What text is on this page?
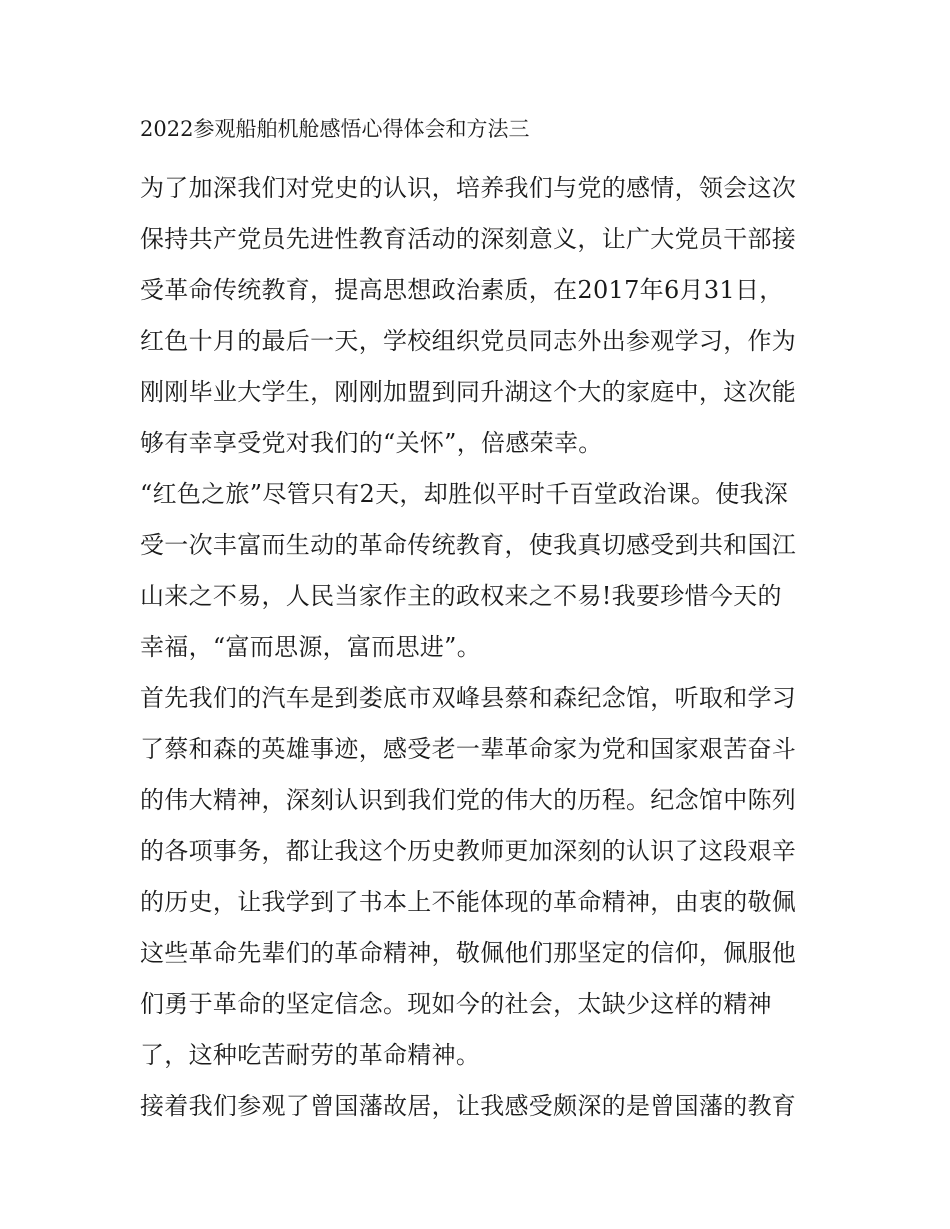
2022参观船舶机舱感悟心得体会和方法三
为了加深我们对党史的认识，培养我们与党的感情，领会这次
保持共产党员先进性教育活动的深刻意义，让广大党员干部接
受革命传统教育，提高思想政治素质，在2017年6月31日，
红色十月的最后一天，学校组织党员同志外出参观学习，作为
刚刚毕业大学生，刚刚加盟到同升湖这个大的家庭中，这次能
够有幸享受党对我们的“关怀”，倍感荣幸。
“红色之旅”尽管只有2天，却胜似平时千百堂政治课。使我深
受一次丰富而生动的革命传统教育，使我真切感受到共和国江
山来之不易，人民当家作主的政权来之不易!我要珍惜今天的
幸福，“富而思源，富而思进”。
首先我们的汽车是到娄底市双峰县蔡和森纪念馆，听取和学习
了蔡和森的英雄事迹，感受老一辈革命家为党和国家艰苦奋斗
的伟大精神，深刻认识到我们党的伟大的历程。纪念馆中陈列
的各项事务，都让我这个历史教师更加深刻的认识了这段艰辛
的历史，让我学到了书本上不能体现的革命精神，由衷的敬佩
这些革命先辈们的革命精神，敬佩他们那坚定的信仰，佩服他
们勇于革命的坚定信念。现如今的社会，太缺少这样的精神
了，这种吃苦耐劳的革命精神。
接着我们参观了曾国藩故居，让我感受颇深的是曾国藩的教育
